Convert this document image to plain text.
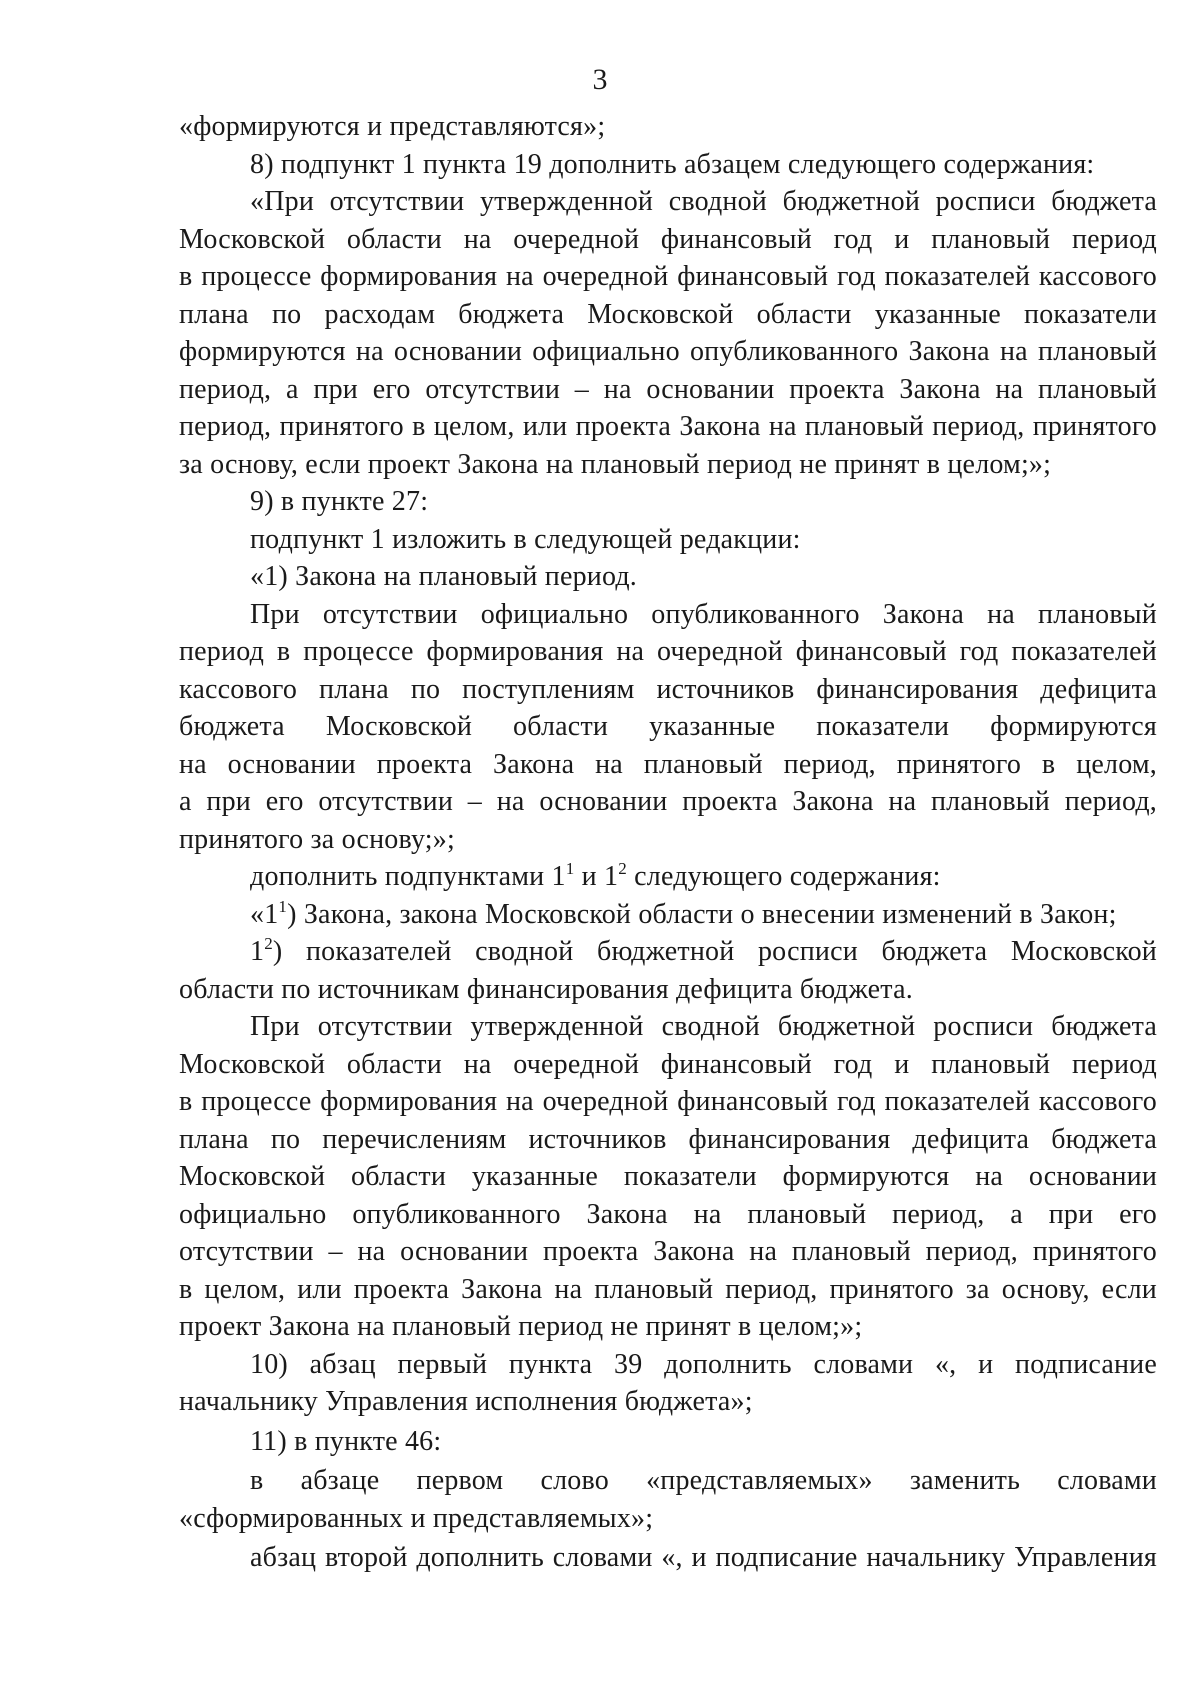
3

«формируются и представляются»;

8) подпункт 1 пункта 19 дополнить абзацем следующего содержания:

«При отсутствии утвержденной сводной бюджетной росписи бюджета
Московской области на очередной финансовый год и плановый период
в процессе формирования на очередной финансовый год показателей кассового
плана по расходам бюджета Московской области указанные показатели
формируются на основании официально опубликованного Закона на плановый
период, а при его отсутствии – на основании проекта Закона на плановый
период, принятого в целом, или проекта Закона на плановый период, принятого
за основу, если проект Закона на плановый период не принят в целом;»;

9) в пункте 27:

подпункт 1 изложить в следующей редакции:

«1) Закона на плановый период.

При отсутствии официально опубликованного Закона на плановый
период в процессе формирования на очередной финансовый год показателей
кассового плана по поступлениям источников финансирования дефицита
бюджета Московской области указанные показатели формируются
на основании проекта Закона на плановый период, принятого в целом,
а при его отсутствии – на основании проекта Закона на плановый период,
принятого за основу;»;

дополнить подпунктами $1^1$ и $1^2$ следующего содержания:

«$1^1$) Закона, закона Московской области о внесении изменений в Закон;

$1^2$) показателей сводной бюджетной росписи бюджета Московской
области по источникам финансирования дефицита бюджета.

При отсутствии утвержденной сводной бюджетной росписи бюджета
Московской области на очередной финансовый год и плановый период
в процессе формирования на очередной финансовый год показателей кассового
плана по перечислениям источников финансирования дефицита бюджета
Московской области указанные показатели формируются на основании
официально опубликованного Закона на плановый период, а при его
отсутствии – на основании проекта Закона на плановый период, принятого
в целом, или проекта Закона на плановый период, принятого за основу, если
проект Закона на плановый период не принят в целом;»;

10) абзац первый пункта 39 дополнить словами «, и подписание
начальнику Управления исполнения бюджета»;

11) в пункте 46:

в абзаце первом слово «представляемых» заменить словами
«сформированных и представляемых»;

абзац второй дополнить словами «, и подписание начальнику Управления
